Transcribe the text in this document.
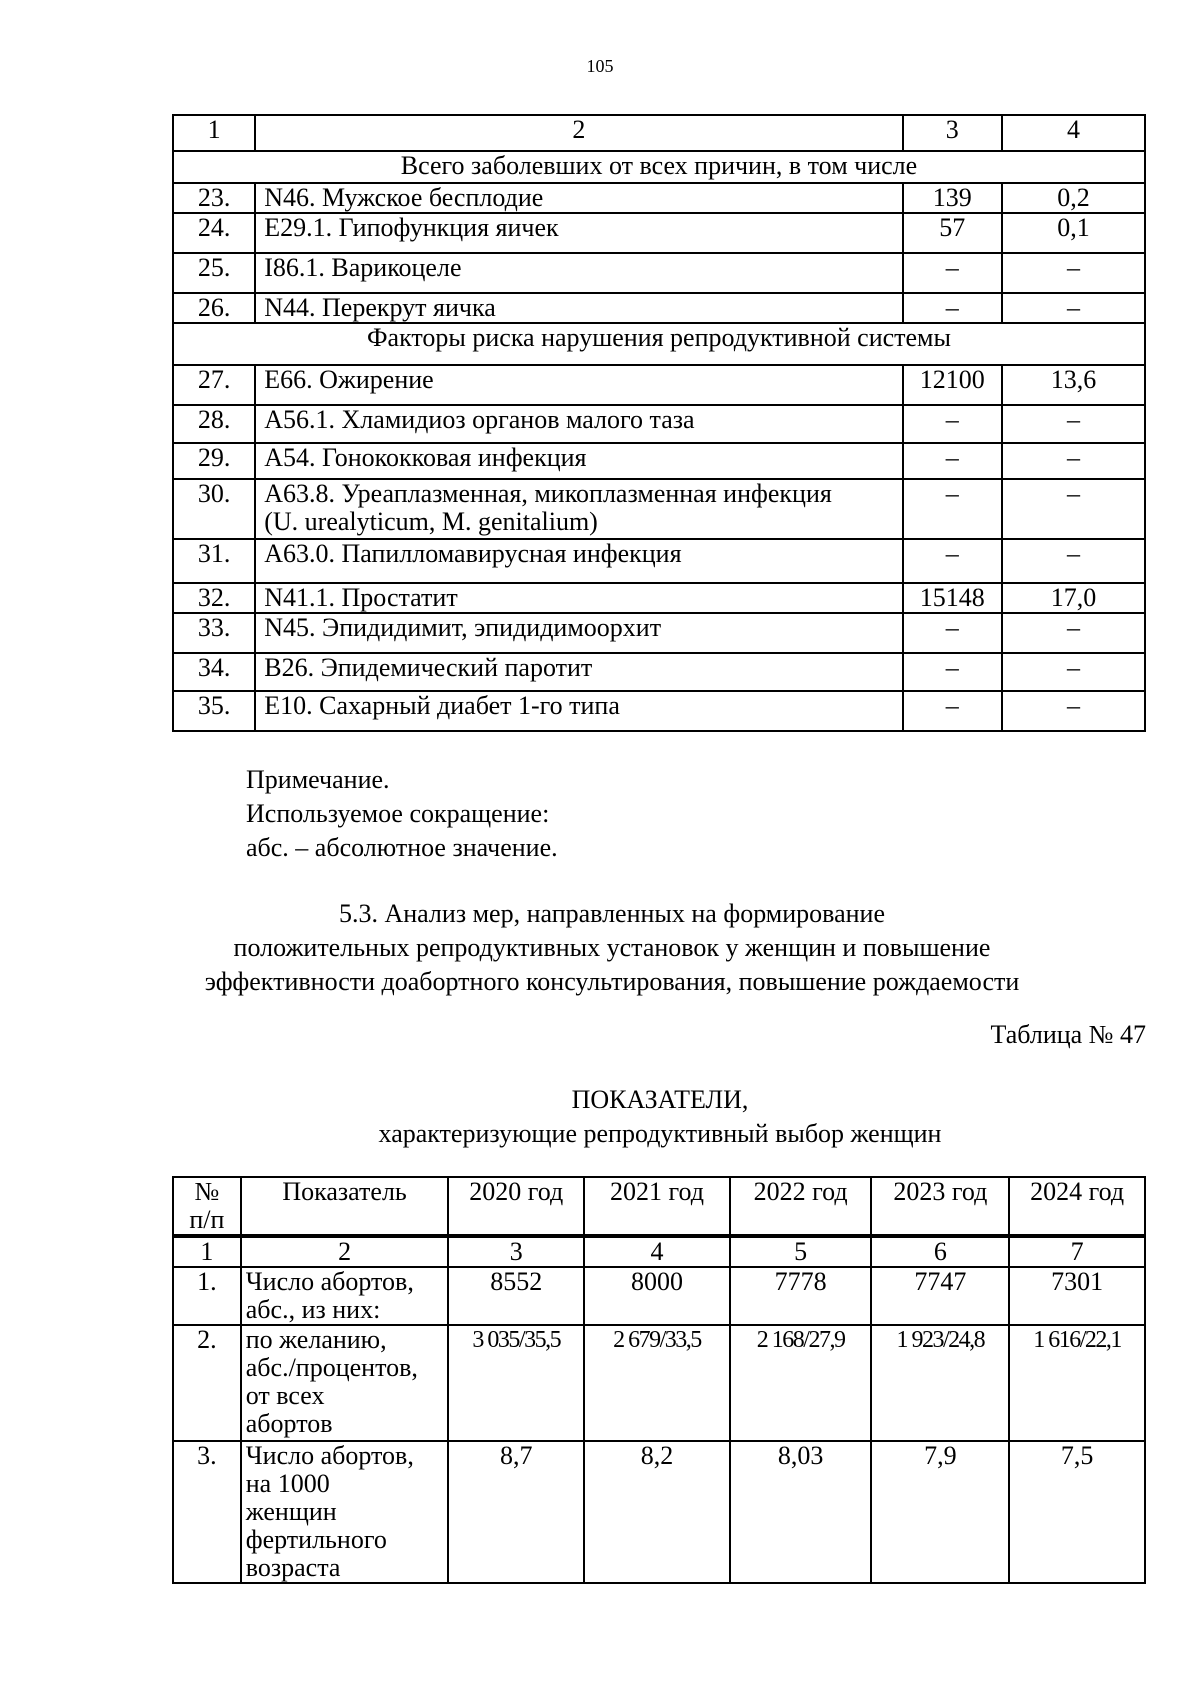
105
1	2	3	4
Всего заболевших от всех причин, в том числе			
23.	N46. Мужское бесплодие	139	0,2
24.	E29.1. Гипофункция яичек	57	0,1
25.	I86.1. Варикоцеле	–	–
26.	N44. Перекрут яичка	–	–
Факторы риска нарушения репродуктивной системы			
27.	E66. Ожирение	12100	13,6
28.	A56.1. Хламидиоз органов малого таза	–	–
29.	A54. Гонококковая инфекция	–	–
30.	A63.8. Уреаплазменная, микоплазменная инфекция
(U. urealyticum, M. genitalium)	–	–
31.	A63.0. Папилломавирусная инфекция	–	–
32.	N41.1. Простатит	15148	17,0
33.	N45. Эпидидимит, эпидидимоорхит	–	–
34.	B26. Эпидемический паротит	–	–
35.	E10. Сахарный диабет 1-го типа	–	–
Примечание.
Используемое сокращение:
абс. – абсолютное значение.
5.3. Анализ мер, направленных на формирование
положительных репродуктивных установок у женщин и повышение
эффективности доабортного консультирования, повышение рождаемости
Таблица № 47
ПОКАЗАТЕЛИ,
характеризующие репродуктивный выбор женщин
№
п/п	Показатель	2020 год	2021 год	2022 год	2023 год	2024 год
1	2	3	4	5	6	7
1.	Число абортов,
абс., из них:	8552	8000	7778	7747	7301
2.	по желанию,
абс./процентов,
от всех
абортов	3 035/35,5	2 679/33,5	2 168/27,9	1 923/24,8	1 616/22,1
3.	Число абортов,
на 1000
женщин
фертильного
возраста	8,7	8,2	8,03	7,9	7,5
